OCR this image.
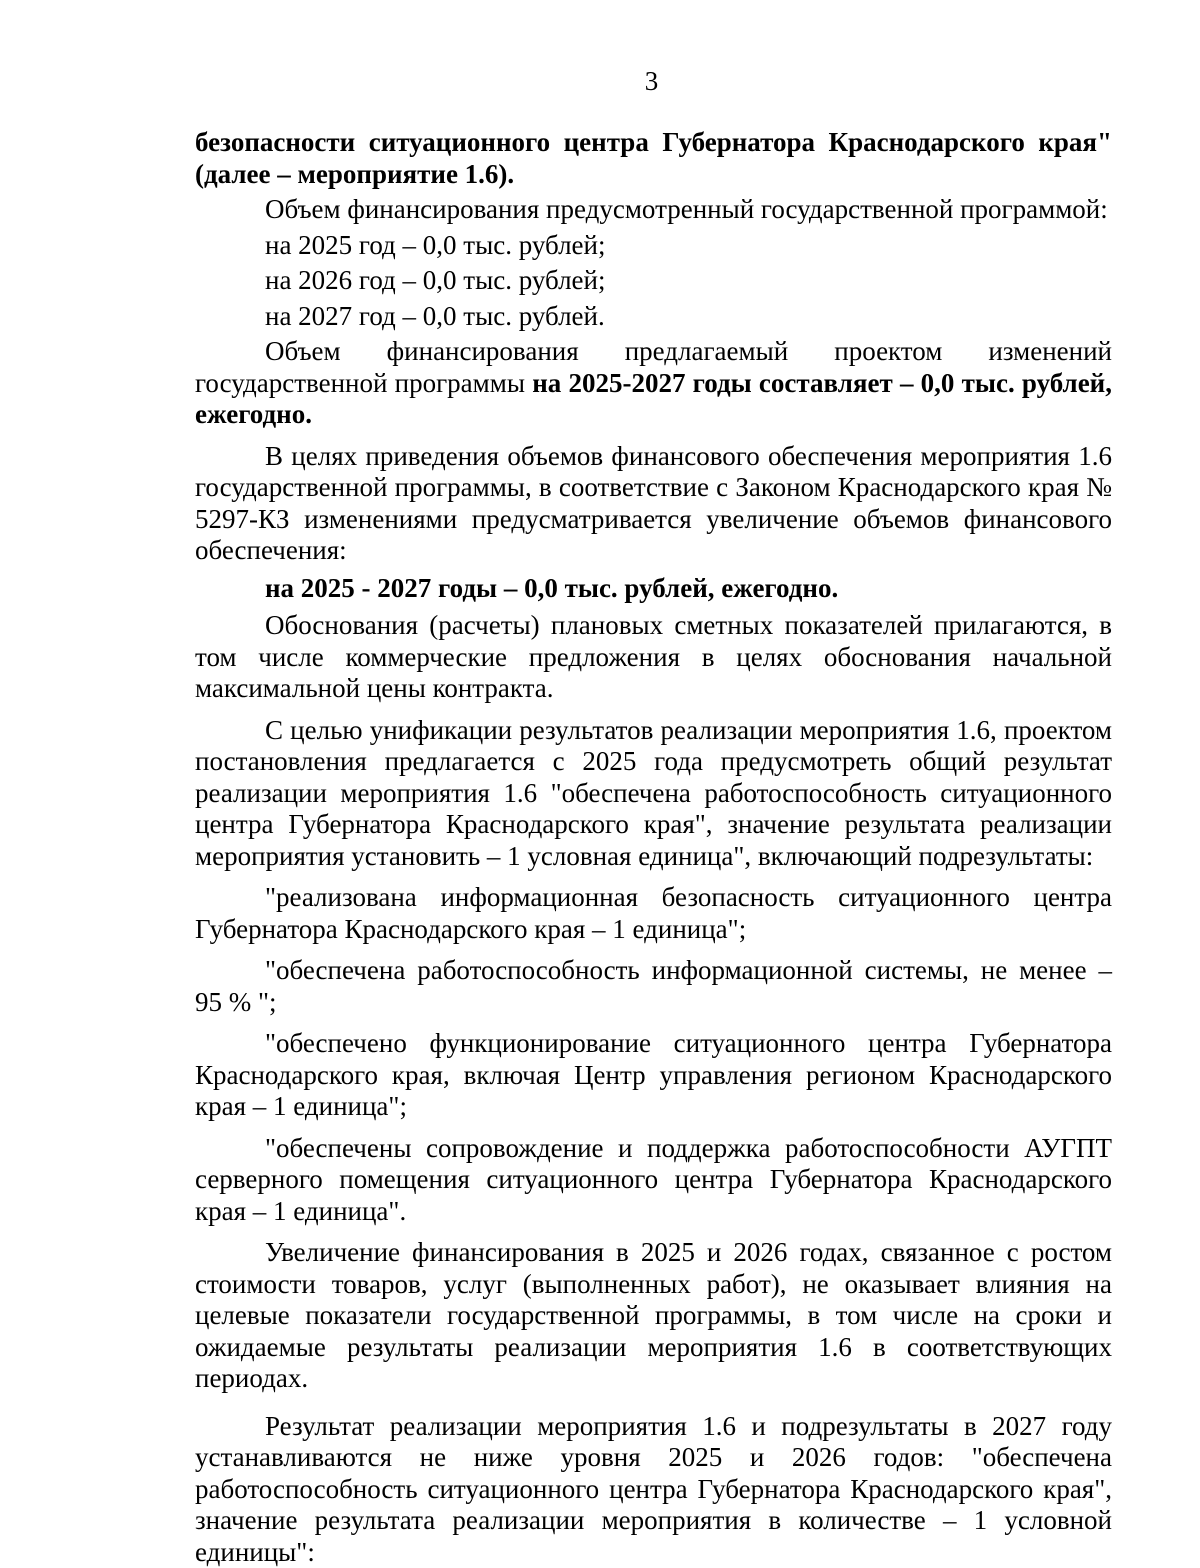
3

безопасности ситуационного центра Губернатора Краснодарского края" (далее – мероприятие 1.6).

Объем финансирования предусмотренный государственной программой:

на 2025 год – 0,0 тыс. рублей;

на 2026 год – 0,0 тыс. рублей;

на 2027 год – 0,0 тыс. рублей.

Объем финансирования предлагаемый проектом изменений государственной программы на 2025-2027 годы составляет – 0,0 тыс. рублей, ежегодно.

В целях приведения объемов финансового обеспечения мероприятия 1.6 государственной программы, в соответствие с Законом Краснодарского края № 5297-КЗ изменениями предусматривается увеличение объемов финансового обеспечения:

на 2025 - 2027 годы – 0,0 тыс. рублей, ежегодно.

Обоснования (расчеты) плановых сметных показателей прилагаются, в том числе коммерческие предложения в целях обоснования начальной максимальной цены контракта.

С целью унификации результатов реализации мероприятия 1.6, проектом постановления предлагается с 2025 года предусмотреть общий результат реализации мероприятия 1.6 "обеспечена работоспособность ситуационного центра Губернатора Краснодарского края", значение результата реализации мероприятия установить – 1 условная единица", включающий подрезультаты:

"реализована информационная безопасность ситуационного центра Губернатора Краснодарского края – 1 единица";

"обеспечена работоспособность информационной системы, не менее – 95 % ";

"обеспечено функционирование ситуационного центра Губернатора Краснодарского края, включая Центр управления регионом Краснодарского края – 1 единица";

"обеспечены сопровождение и поддержка работоспособности АУГПТ серверного помещения ситуационного центра Губернатора Краснодарского края – 1 единица".

Увеличение финансирования в 2025 и 2026 годах, связанное с ростом стоимости товаров, услуг (выполненных работ), не оказывает влияния на целевые показатели государственной программы, в том числе на сроки и ожидаемые результаты реализации мероприятия 1.6 в соответствующих периодах.

Результат реализации мероприятия 1.6 и подрезультаты в 2027 году устанавливаются не ниже уровня 2025 и 2026 годов: "обеспечена работоспособность ситуационного центра Губернатора Краснодарского края", значение результата реализации мероприятия в количестве – 1 условной единицы":
